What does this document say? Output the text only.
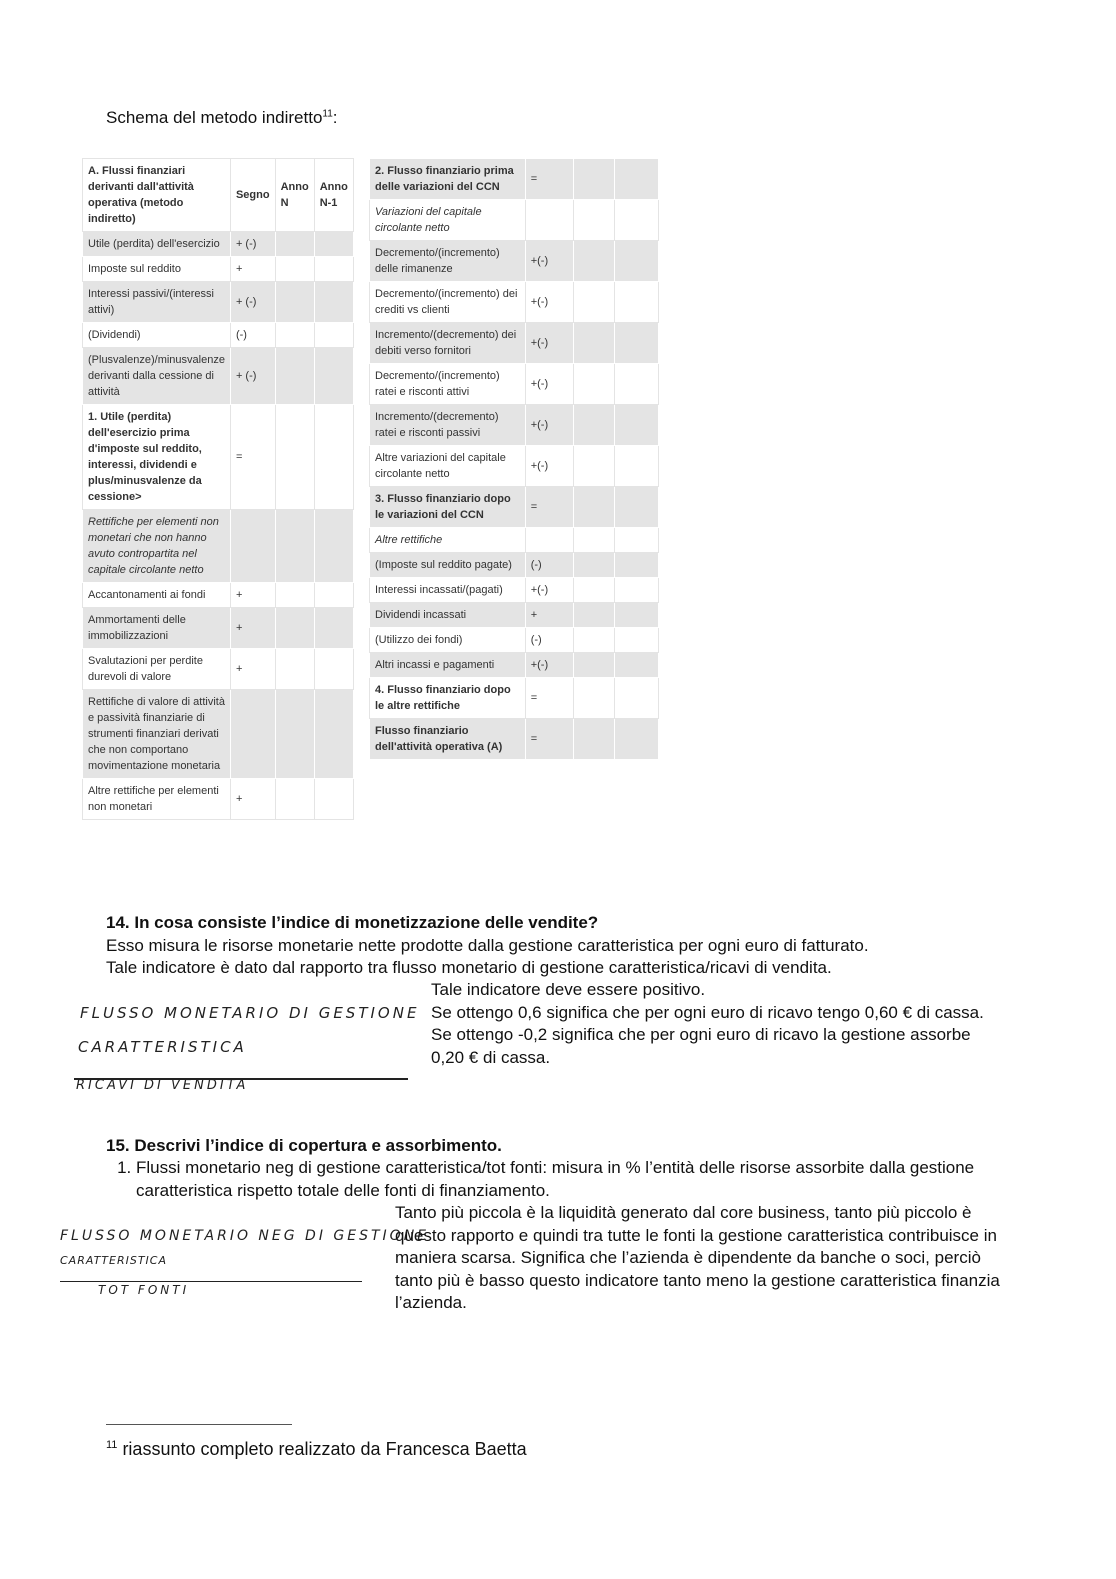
Schema del metodo indiretto$^{11}$:
A. Flussi finanziari derivanti dall'attività operativa (metodo indiretto)	Segno	Anno N	Anno N-1
Utile (perdita) dell'esercizio	+ (-)		
Imposte sul reddito	+		
Interessi passivi/(interessi attivi)	+ (-)		
(Dividendi)	(-)		
(Plusvalenze)/minusvalenze derivanti dalla cessione di attività	+ (-)		
1. Utile (perdita) dell'esercizio prima d'imposte sul reddito, interessi, dividendi e plus/minusvalenze da cessione>	=		
Rettifiche per elementi non monetari che non hanno avuto contropartita nel capitale circolante netto			
Accantonamenti ai fondi	+		
Ammortamenti delle immobilizzazioni	+		
Svalutazioni per perdite durevoli di valore	+		
Rettifiche di valore di attività e passività finanziarie di strumenti finanziari derivati che non comportano movimentazione monetaria			
Altre rettifiche per elementi non monetari	+		
2. Flusso finanziario prima delle variazioni del CCN	=		
Variazioni del capitale circolante netto			
Decremento/(incremento) delle rimanenze	+(-)		
Decremento/(incremento) dei crediti vs clienti	+(-)		
Incremento/(decremento) dei debiti verso fornitori	+(-)		
Decremento/(incremento) ratei e risconti attivi	+(-)		
Incremento/(decremento) ratei e risconti passivi	+(-)		
Altre variazioni del capitale circolante netto	+(-)		
3. Flusso finanziario dopo le variazioni del CCN	=		
Altre rettifiche			
(Imposte sul reddito pagate)	(-)		
Interessi incassati/(pagati)	+(-)		
Dividendi incassati	+		
(Utilizzo dei fondi)	(-)		
Altri incassi e pagamenti	+(-)		
4. Flusso finanziario dopo le altre rettifiche	=		
Flusso finanziario dell'attività operativa (A)	=		
14. In cosa consiste l’indice di monetizzazione delle vendite?
Esso misura le risorse monetarie nette prodotte dalla gestione caratteristica per ogni euro di fatturato.
Tale indicatore è dato dal rapporto tra flusso monetario di gestione caratteristica/ricavi di vendita.
FLUSSO MONETARIO DI GESTIONE
CARATTERISTICA
RICAVI DI VENDITA
Tale indicatore deve essere positivo.
Se ottengo 0,6 significa che per ogni euro di ricavo tengo 0,60 € di cassa.
Se ottengo -0,2 significa che per ogni euro di ricavo la gestione assorbe 0,20 € di cassa.
15. Descrivi l’indice di copertura e assorbimento.
1. Flussi monetario neg di gestione caratteristica/tot fonti: misura in % l’entità delle risorse assorbite dalla gestione caratteristica rispetto totale delle fonti di finanziamento.
FLUSSO MONETARIO NEG DI GESTIONE
CARATTERISTICA
TOT FONTI
Tanto più piccola è la liquidità generato dal core business, tanto più piccolo è questo rapporto e quindi tra tutte le fonti la gestione caratteristica contribuisce in maniera scarsa. Significa che l’azienda è dipendente da banche o soci, perciò tanto più è basso questo indicatore tanto meno la gestione caratteristica finanzia l’azienda.
$^{11}$ riassunto completo realizzato da Francesca Baetta
